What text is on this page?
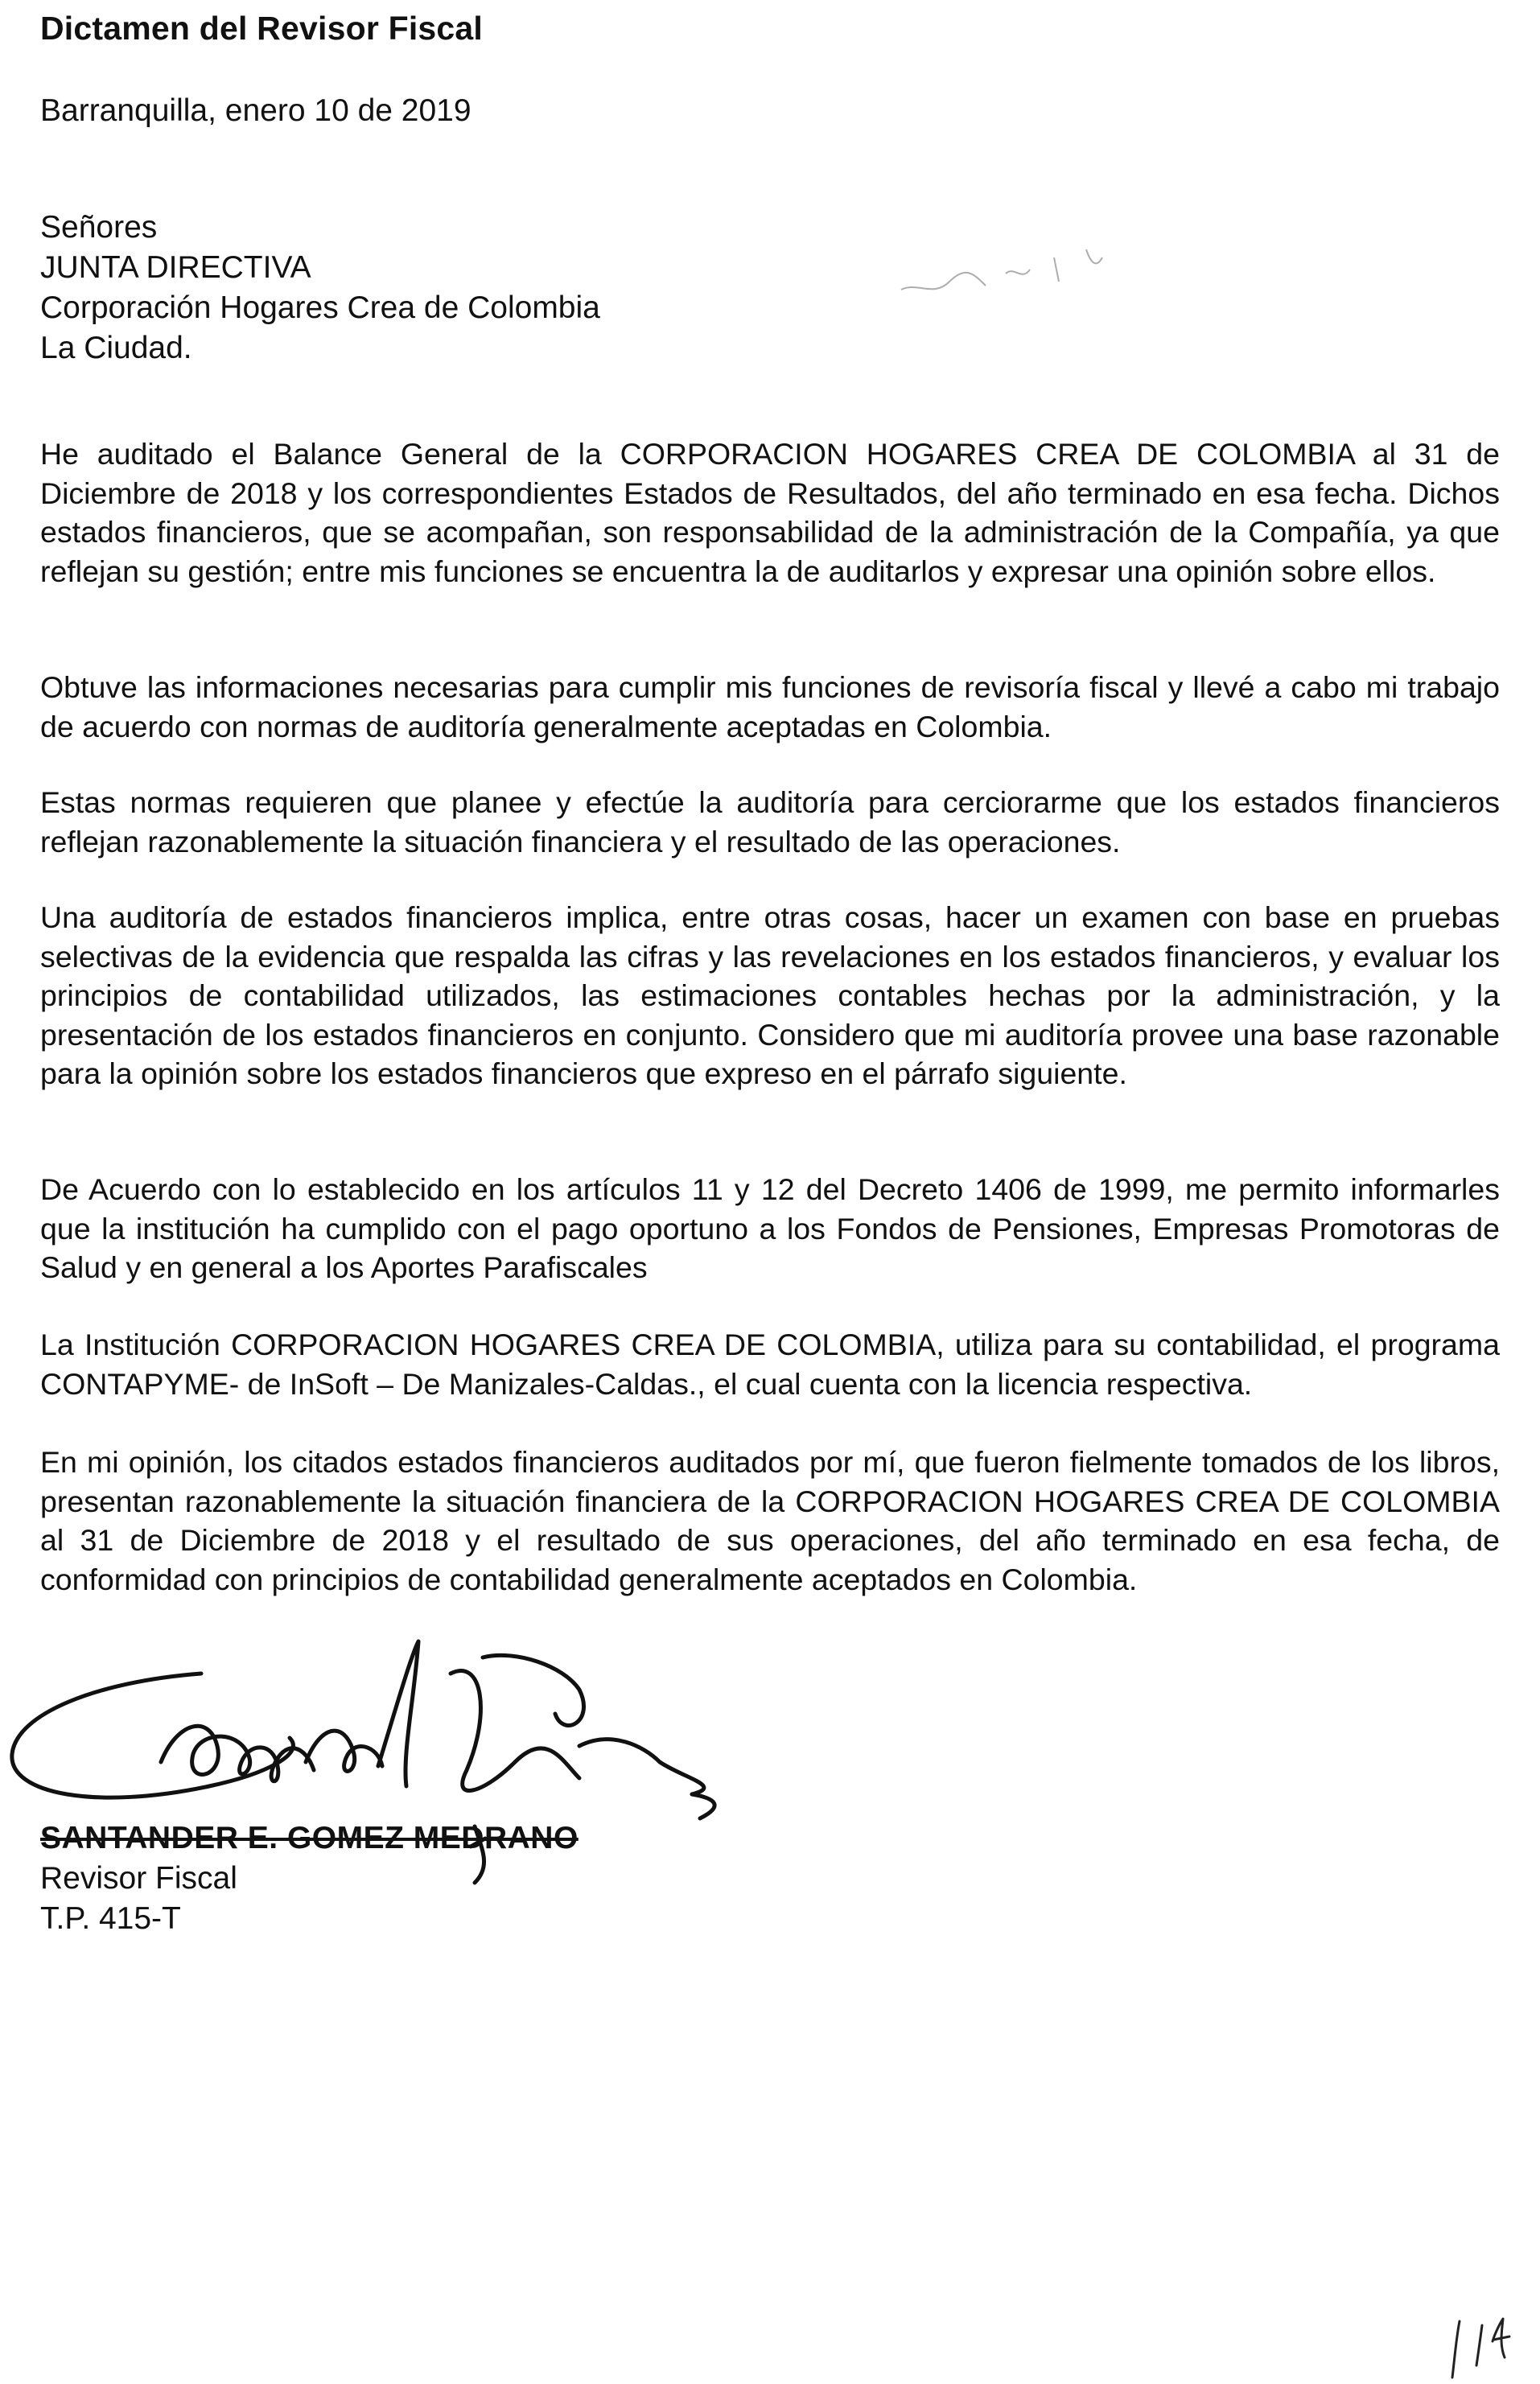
Dictamen del Revisor Fiscal

Barranquilla, enero 10 de 2019

Señores
JUNTA DIRECTIVA
Corporación Hogares Crea de Colombia
La Ciudad.

He auditado el Balance General de la CORPORACION HOGARES CREA DE COLOMBIA al 31 de Diciembre de 2018 y los correspondientes Estados de Resultados, del año terminado en esa fecha. Dichos estados financieros, que se acompañan, son responsabilidad de la administración de la Compañía, ya que reflejan su gestión; entre mis funciones se encuentra la de auditarlos y expresar una opinión sobre ellos.

Obtuve las informaciones necesarias para cumplir mis funciones de revisoría fiscal y llevé a cabo mi trabajo de acuerdo con normas de auditoría generalmente aceptadas en Colombia.

Estas normas requieren que planee y efectúe la auditoría para cerciorarme que los estados financieros reflejan razonablemente la situación financiera y el resultado de las operaciones.

Una auditoría de estados financieros implica, entre otras cosas, hacer un examen con base en pruebas selectivas de la evidencia que respalda las cifras y las revelaciones en los estados financieros, y evaluar los principios de contabilidad utilizados, las estimaciones contables hechas por la administración, y la presentación de los estados financieros en conjunto. Considero que mi auditoría provee una base razonable para la opinión sobre los estados financieros que expreso en el párrafo siguiente.

De Acuerdo con lo establecido en los artículos 11 y 12 del Decreto 1406 de 1999, me permito informarles que la institución ha cumplido con el pago oportuno a los Fondos de Pensiones, Empresas Promotoras de Salud y en general a los Aportes Parafiscales

La Institución CORPORACION HOGARES CREA DE COLOMBIA, utiliza para su contabilidad, el programa CONTAPYME- de InSoft – De Manizales-Caldas., el cual cuenta con la licencia respectiva.

En mi opinión, los citados estados financieros auditados por mí, que fueron fielmente tomados de los libros, presentan razonablemente la situación financiera de la CORPORACION HOGARES CREA DE COLOMBIA al 31 de Diciembre de 2018 y el resultado de sus operaciones, del año terminado en esa fecha, de conformidad con principios de contabilidad generalmente aceptados en Colombia.

SANTANDER E. GOMEZ MEDRANO
Revisor Fiscal
T.P. 415-T
